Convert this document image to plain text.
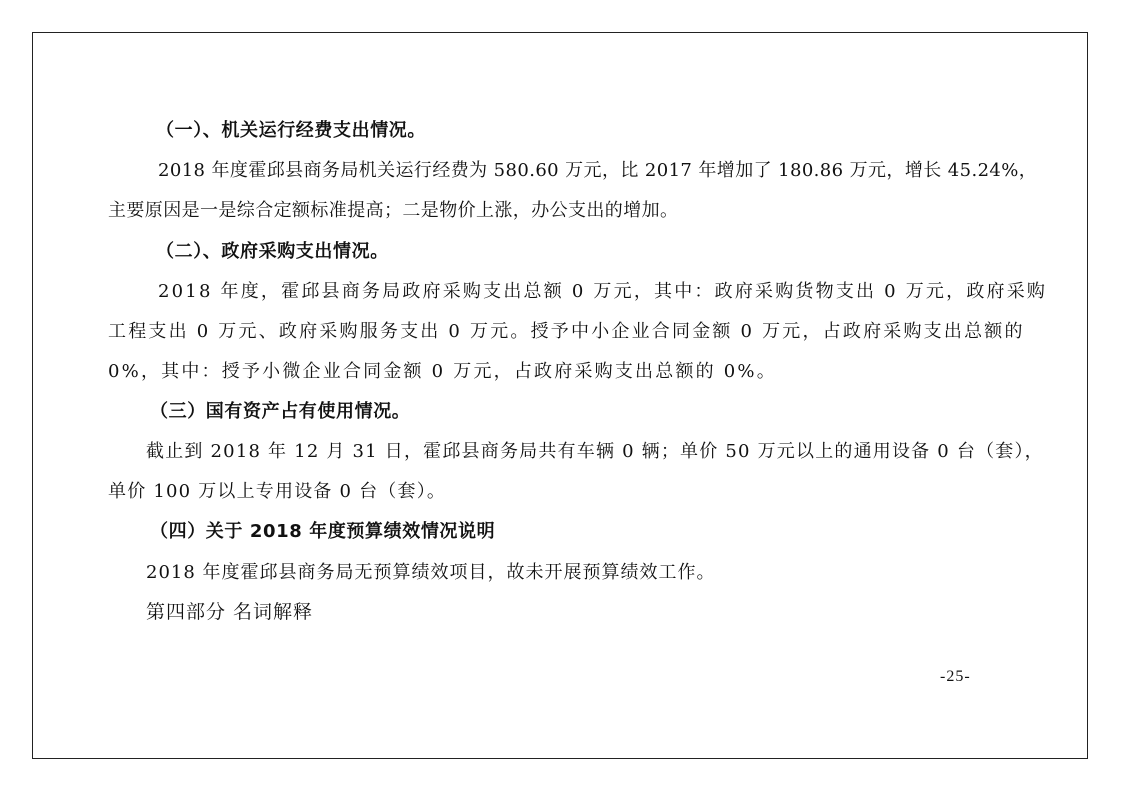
（一）、机关运行经费支出情况。
2018 年度霍邱县商务局机关运行经费为 580.60 万元，比 2017 年增加了 180.86 万元，增长 45.24%，
主要原因是一是综合定额标准提高；二是物价上涨，办公支出的增加。
（二）、政府采购支出情况。
2018 年度，霍邱县商务局政府采购支出总额 0 万元，其中：政府采购货物支出 0 万元，政府采购
工程支出 0 万元、政府采购服务支出 0 万元。授予中小企业合同金额 0 万元，占政府采购支出总额的
0%，其中：授予小微企业合同金额 0 万元，占政府采购支出总额的 0%。
（三）国有资产占有使用情况。
截止到 2018 年 12 月 31 日，霍邱县商务局共有车辆 0 辆；单价 50 万元以上的通用设备 0 台（套），
单价 100 万以上专用设备 0 台（套）。
（四）关于 2018 年度预算绩效情况说明
2018 年度霍邱县商务局无预算绩效项目，故未开展预算绩效工作。
第四部分 名词解释
-25-
